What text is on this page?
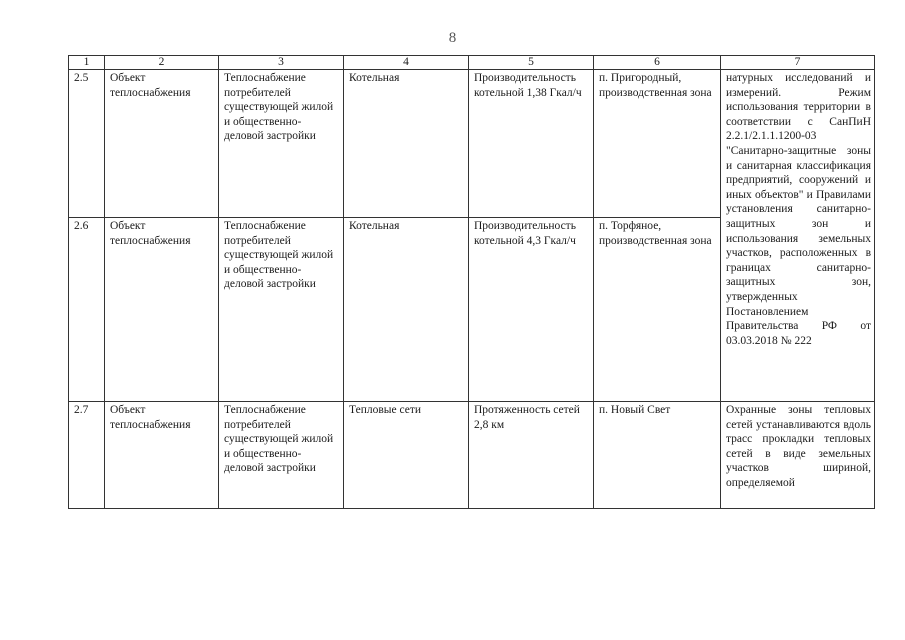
8
1	2	3	4	5	6	7
2.5	Объект теплоснабжения	Теплоснабжение потребителей существующей жилой и общественно-деловой застройки	Котельная	Производительность котельной 1,38 Гкал/ч	п. Пригородный, производственная зона	натурных исследований и измерений. Режим использования территории в соответствии с СанПиН 2.2.1/2.1.1.1200-03 "Санитарно-защитные зоны и санитарная классификация предприятий, сооружений и иных объектов" и Правилами установления санитарно-защитных зон и использования земельных участков, расположенных в границах санитарно-защитных зон, утвержденных Постановлением Правительства РФ от 03.03.2018 № 222
2.6	Объект теплоснабжения	Теплоснабжение потребителей существующей жилой и общественно-деловой застройки	Котельная	Производительность котельной 4,3 Гкал/ч	п. Торфяное, производственная зона	
2.7	Объект теплоснабжения	Теплоснабжение потребителей существующей жилой и общественно-деловой застройки	Тепловые сети	Протяженность сетей 2,8 км	п. Новый Свет	Охранные зоны тепловых сетей устанавливаются вдоль трасс прокладки тепловых сетей в виде земельных участков шириной, определяемой
